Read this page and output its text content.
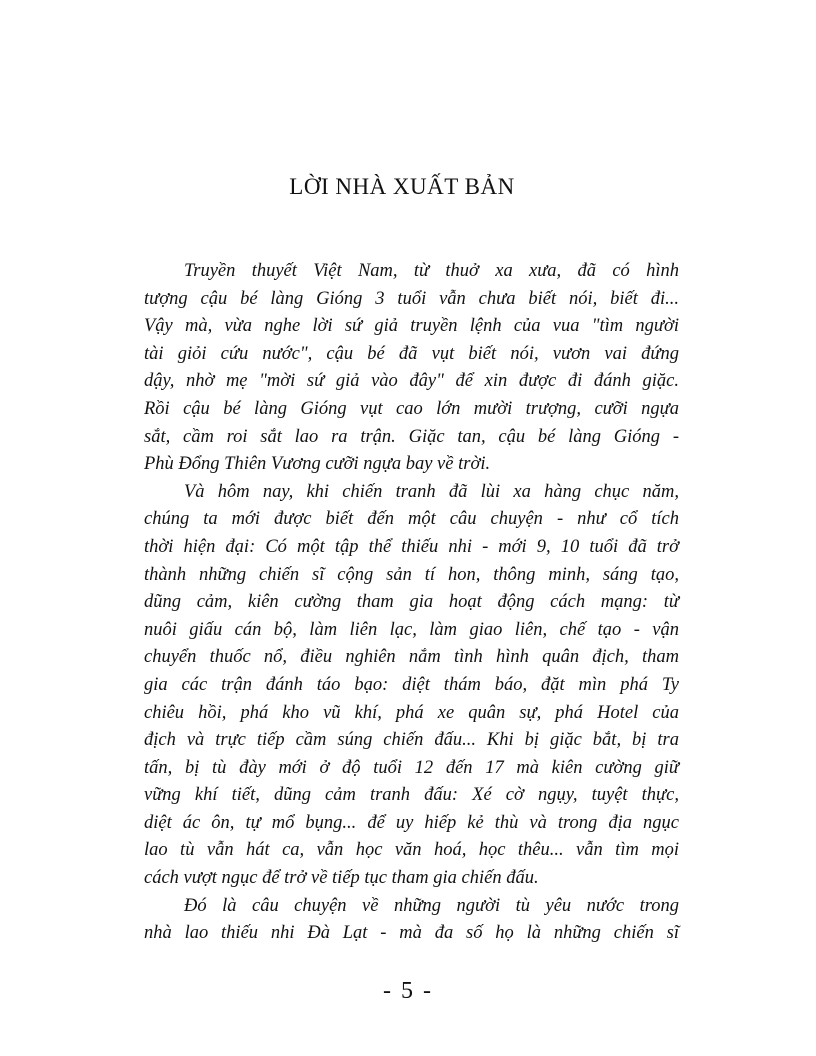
LỜI NHÀ XUẤT BẢN
Truyền thuyết Việt Nam, từ thuở xa xưa, đã có hình
tượng cậu bé làng Gióng 3 tuổi vẫn chưa biết nói, biết đi...
Vậy mà, vừa nghe lời sứ giả truyền lệnh của vua "tìm người
tài giỏi cứu nước", cậu bé đã vụt biết nói, vươn vai đứng
dậy, nhờ mẹ "mời sứ giả vào đây" để xin được đi đánh giặc.
Rồi cậu bé làng Gióng vụt cao lớn mười trượng, cưỡi ngựa
sắt, cầm roi sắt lao ra trận. Giặc tan, cậu bé làng Gióng -
Phù Đổng Thiên Vương cưỡi ngựa bay về trời.
Và hôm nay, khi chiến tranh đã lùi xa hàng chục năm,
chúng ta mới được biết đến một câu chuyện - như cổ tích
thời hiện đại: Có một tập thể thiếu nhi - mới 9, 10 tuổi đã trở
thành những chiến sĩ cộng sản tí hon, thông minh, sáng tạo,
dũng cảm, kiên cường tham gia hoạt động cách mạng: từ
nuôi giấu cán bộ, làm liên lạc, làm giao liên, chế tạo - vận
chuyển thuốc nổ, điều nghiên nắm tình hình quân địch, tham
gia các trận đánh táo bạo: diệt thám báo, đặt mìn phá Ty
chiêu hồi, phá kho vũ khí, phá xe quân sự, phá Hotel của
địch và trực tiếp cầm súng chiến đấu... Khi bị giặc bắt, bị tra
tấn, bị tù đày mới ở độ tuổi 12 đến 17 mà kiên cường giữ
vững khí tiết, dũng cảm tranh đấu: Xé cờ ngụy, tuyệt thực,
diệt ác ôn, tự mổ bụng... để uy hiếp kẻ thù và trong địa ngục
lao tù vẫn hát ca, vẫn học văn hoá, học thêu... vẫn tìm mọi
cách vượt ngục để trở về tiếp tục tham gia chiến đấu.
Đó là câu chuyện về những người tù yêu nước trong
nhà lao thiếu nhi Đà Lạt - mà đa số họ là những chiến sĩ
- 5 -
